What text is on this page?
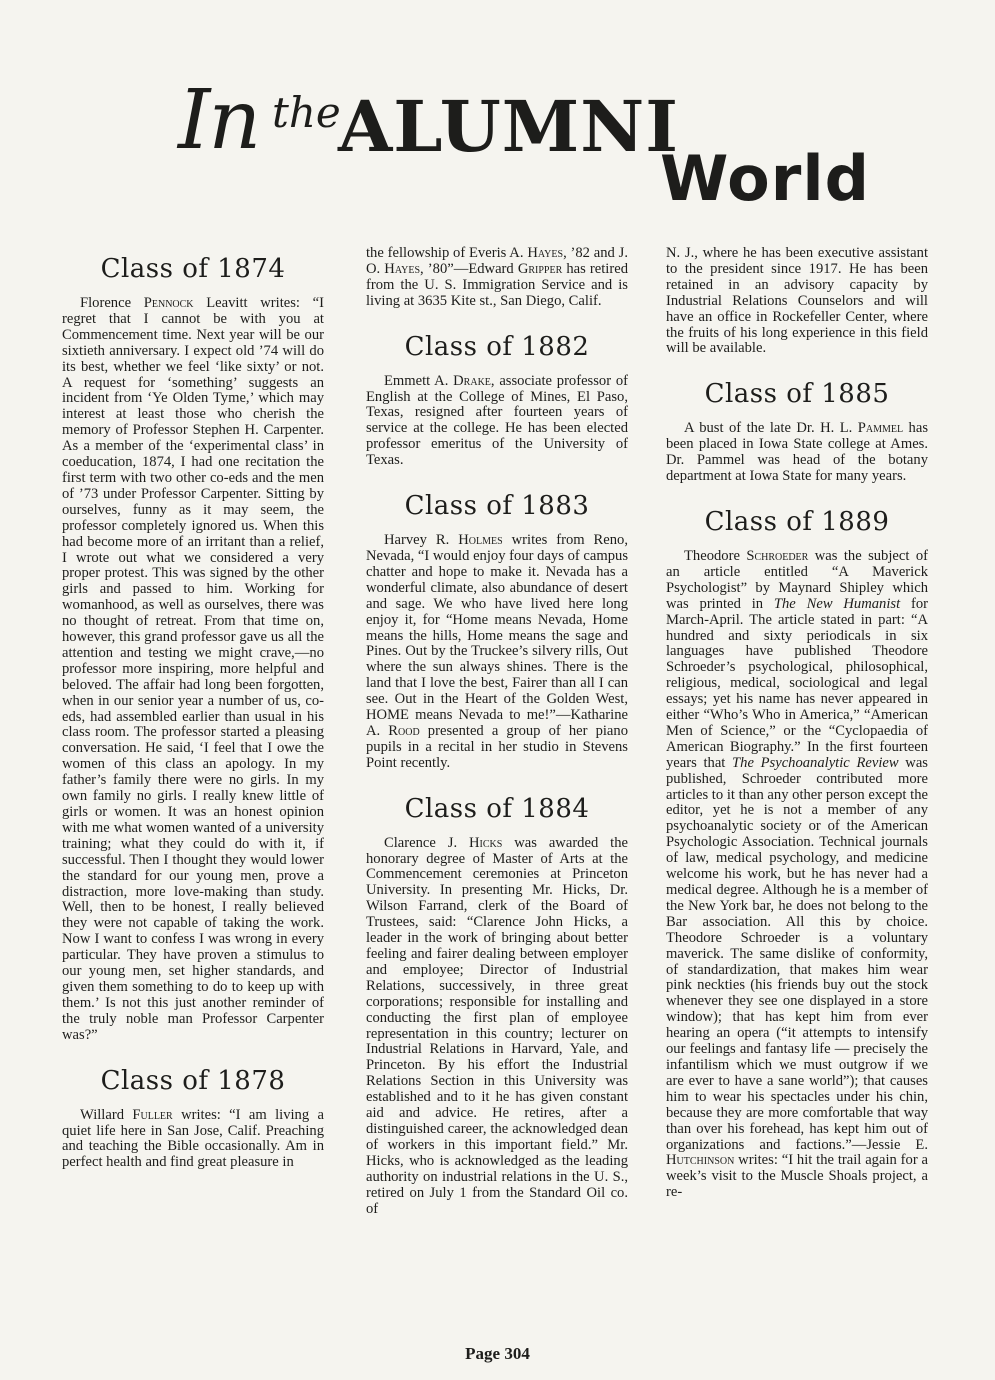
In the
ALUMNI
World
Class of 1874

Florence Pennock Leavitt writes: “I regret that I cannot be with you at Commencement time. Next year will be our sixtieth anniversary. I expect old ’74 will do its best, whether we feel ‘like sixty’ or not. A request for ‘something’ suggests an incident from ‘Ye Olden Tyme,’ which may interest at least those who cherish the memory of Professor Stephen H. Carpenter. As a member of the ‘experimental class’ in coeducation, 1874, I had one recitation the first term with two other co-eds and the men of ’73 under Professor Carpenter. Sitting by ourselves, funny as it may seem, the professor completely ignored us. When this had become more of an irritant than a relief, I wrote out what we considered a very proper protest. This was signed by the other girls and passed to him. Working for womanhood, as well as ourselves, there was no thought of retreat. From that time on, however, this grand professor gave us all the attention and testing we might crave,—no professor more inspiring, more helpful and beloved. The affair had long been forgotten, when in our senior year a number of us, co-eds, had assembled earlier than usual in his class room. The professor started a pleasing conversation. He said, ‘I feel that I owe the women of this class an apology. In my father’s family there were no girls. In my own family no girls. I really knew little of girls or women. It was an honest opinion with me what women wanted of a university training; what they could do with it, if successful. Then I thought they would lower the standard for our young men, prove a distraction, more love-making than study. Well, then to be honest, I really believed they were not capable of taking the work. Now I want to confess I was wrong in every particular. They have proven a stimulus to our young men, set higher standards, and given them something to do to keep up with them.’ Is not this just another reminder of the truly noble man Professor Carpenter was?”

Class of 1878

Willard Fuller writes: “I am living a quiet life here in San Jose, Calif. Preaching and teaching the Bible occasionally. Am in perfect health and find great pleasure in

the fellowship of Everis A. Hayes, ’82 and J. O. Hayes, ’80”—Edward Gripper has retired from the U. S. Immigration Service and is living at 3635 Kite st., San Diego, Calif.

Class of 1882

Emmett A. Drake, associate professor of English at the College of Mines, El Paso, Texas, resigned after fourteen years of service at the college. He has been elected professor emeritus of the University of Texas.

Class of 1883

Harvey R. Holmes writes from Reno, Nevada, “I would enjoy four days of campus chatter and hope to make it. Nevada has a wonderful climate, also abundance of desert and sage. We who have lived here long enjoy it, for “Home means Nevada, Home means the hills, Home means the sage and Pines. Out by the Truckee’s silvery rills, Out where the sun always shines. There is the land that I love the best, Fairer than all I can see. Out in the Heart of the Golden West, HOME means Nevada to me!”—Katharine A. Rood presented a group of her piano pupils in a recital in her studio in Stevens Point recently.

Class of 1884

Clarence J. Hicks was awarded the honorary degree of Master of Arts at the Commencement ceremonies at Princeton University. In presenting Mr. Hicks, Dr. Wilson Farrand, clerk of the Board of Trustees, said: “Clarence John Hicks, a leader in the work of bringing about better feeling and fairer dealing between employer and employee; Director of Industrial Relations, successively, in three great corporations; responsible for installing and conducting the first plan of employee representation in this country; lecturer on Industrial Relations in Harvard, Yale, and Princeton. By his effort the Industrial Relations Section in this University was established and to it he has given constant aid and advice. He retires, after a distinguished career, the acknowledged dean of workers in this important field.” Mr. Hicks, who is acknowledged as the leading authority on industrial relations in the U. S., retired on July 1 from the Standard Oil co. of

N. J., where he has been executive assistant to the president since 1917. He has been retained in an advisory capacity by Industrial Relations Counselors and will have an office in Rockefeller Center, where the fruits of his long experience in this field will be available.

Class of 1885

A bust of the late Dr. H. L. Pammel has been placed in Iowa State college at Ames. Dr. Pammel was head of the botany department at Iowa State for many years.

Class of 1889

Theodore Schroeder was the subject of an article entitled “A Maverick Psychologist” by Maynard Shipley which was printed in The New Humanist for March-April. The article stated in part: “A hundred and sixty periodicals in six languages have published Theodore Schroeder’s psychological, philosophical, religious, medical, sociological and legal essays; yet his name has never appeared in either “Who’s Who in America,” “American Men of Science,” or the “Cyclopaedia of American Biography.” In the first fourteen years that The Psychoanalytic Review was published, Schroeder contributed more articles to it than any other person except the editor, yet he is not a member of any psychoanalytic society or of the American Psychologic Association. Technical journals of law, medical psychology, and medicine welcome his work, but he has never had a medical degree. Although he is a member of the New York bar, he does not belong to the Bar association. All this by choice. Theodore Schroeder is a voluntary maverick. The same dislike of conformity, of standardization, that makes him wear pink neckties (his friends buy out the stock whenever they see one displayed in a store window); that has kept him from ever hearing an opera (“it attempts to intensify our feelings and fantasy life — precisely the infantilism which we must outgrow if we are ever to have a sane world”); that causes him to wear his spectacles under his chin, because they are more comfortable that way than over his forehead, has kept him out of organizations and factions.”—Jessie E. Hutchinson writes: “I hit the trail again for a week’s visit to the Muscle Shoals project, a re-

Page 304
